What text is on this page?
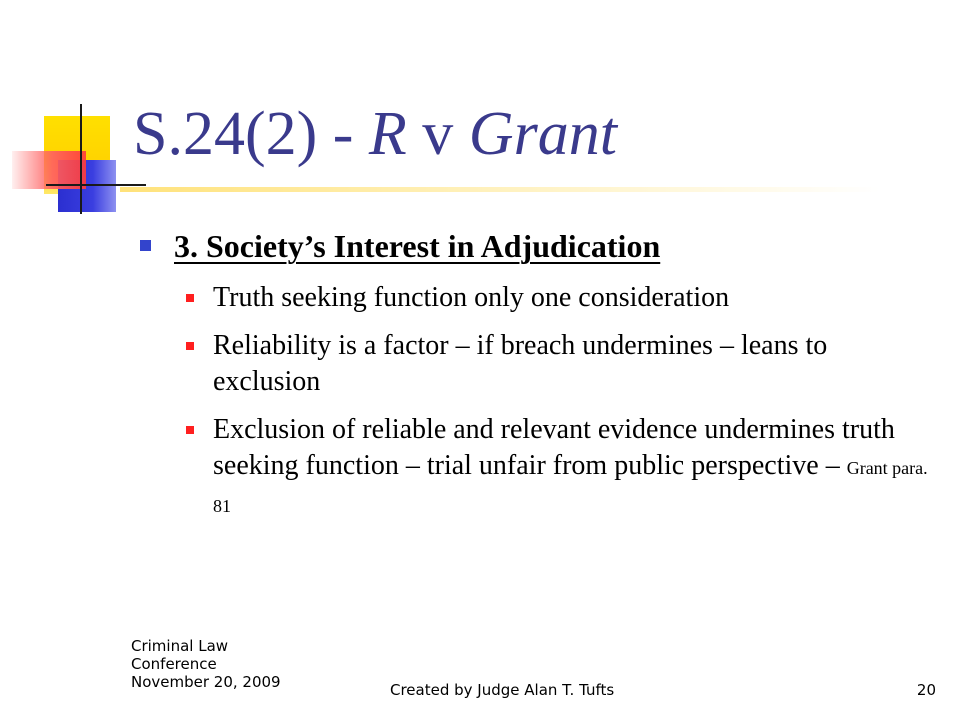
S.24(2) - R v Grant
3. Society’s Interest in Adjudication
Truth seeking function only one consideration
Reliability is a factor – if breach undermines – leans to exclusion
Exclusion of reliable and relevant evidence undermines truth seeking function – trial unfair from public perspective – Grant para. 81
Criminal Law
Conference
November 20, 2009	Created by Judge Alan T. Tufts	20
